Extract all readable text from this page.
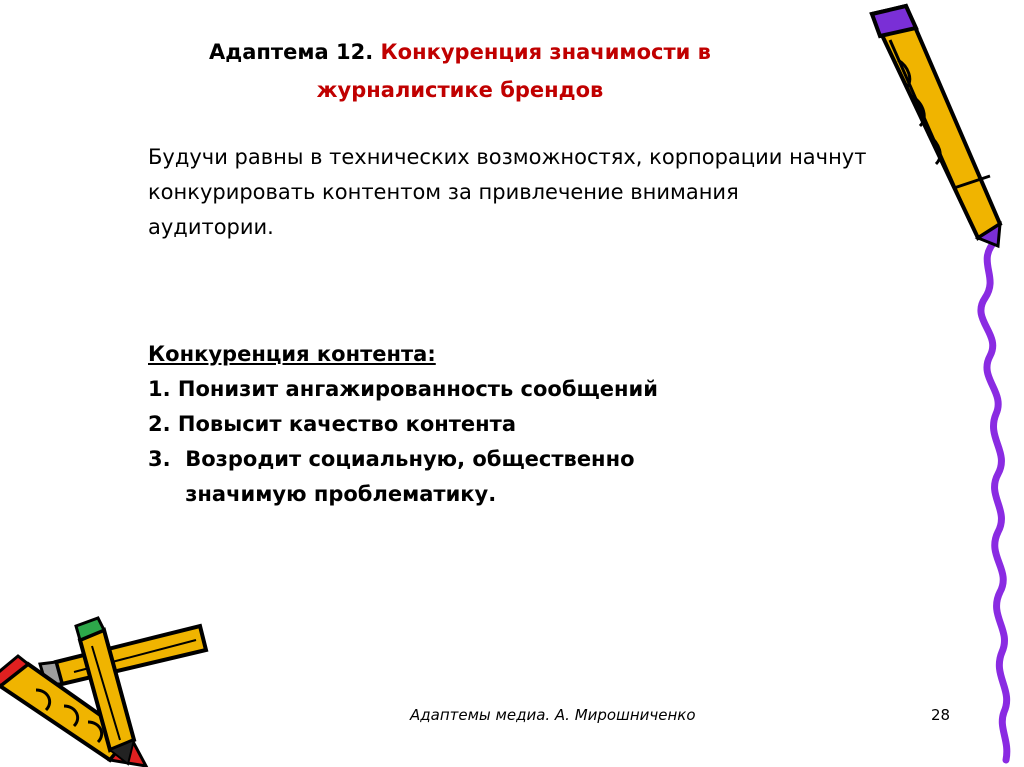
Адаптема 12. Конкуренция значимости в
журналистике брендов
Будучи равны в технических возможностях, корпорации начнут конкурировать контентом за привлечение внимания аудитории.
Конкуренция контента:
1. Понизит ангажированность сообщений
2. Повысит качество контента
3. Возродит социальную, общественно значимую проблематику.
Адаптемы медиа. А. Мирошниченко	28
